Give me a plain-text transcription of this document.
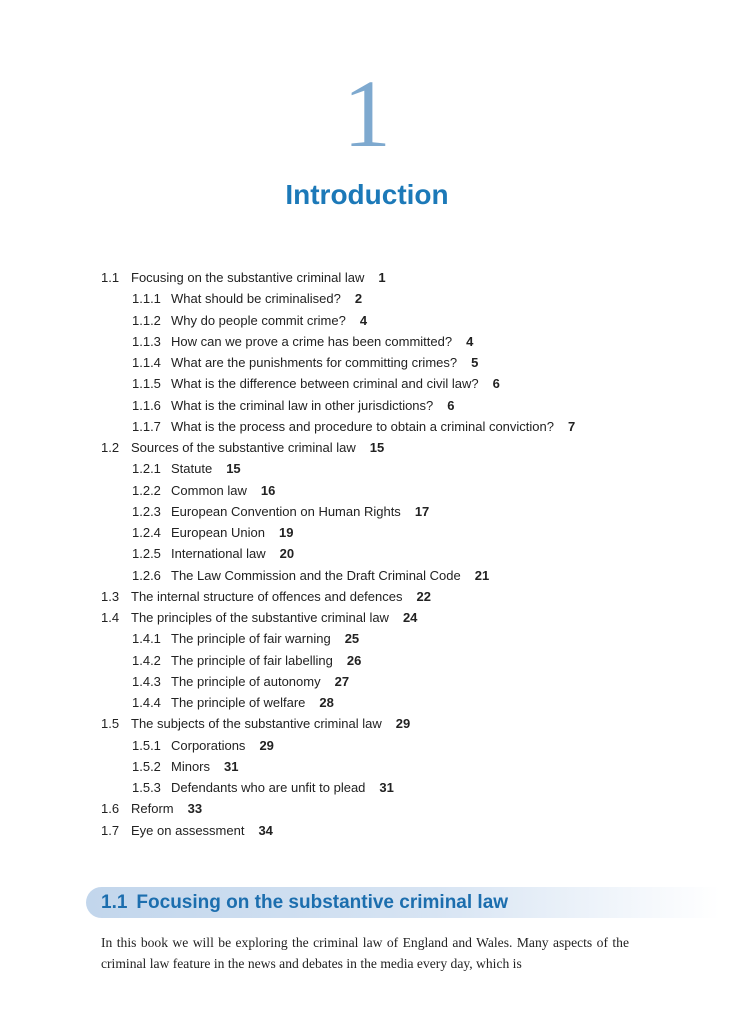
1
Introduction
1.1 Focusing on the substantive criminal law 1
1.1.1 What should be criminalised? 2
1.1.2 Why do people commit crime? 4
1.1.3 How can we prove a crime has been committed? 4
1.1.4 What are the punishments for committing crimes? 5
1.1.5 What is the difference between criminal and civil law? 6
1.1.6 What is the criminal law in other jurisdictions? 6
1.1.7 What is the process and procedure to obtain a criminal conviction? 7
1.2 Sources of the substantive criminal law 15
1.2.1 Statute 15
1.2.2 Common law 16
1.2.3 European Convention on Human Rights 17
1.2.4 European Union 19
1.2.5 International law 20
1.2.6 The Law Commission and the Draft Criminal Code 21
1.3 The internal structure of offences and defences 22
1.4 The principles of the substantive criminal law 24
1.4.1 The principle of fair warning 25
1.4.2 The principle of fair labelling 26
1.4.3 The principle of autonomy 27
1.4.4 The principle of welfare 28
1.5 The subjects of the substantive criminal law 29
1.5.1 Corporations 29
1.5.2 Minors 31
1.5.3 Defendants who are unfit to plead 31
1.6 Reform 33
1.7 Eye on assessment 34
1.1 Focusing on the substantive criminal law

In this book we will be exploring the criminal law of England and Wales. Many aspects of the criminal law feature in the news and debates in the media every day, which is
